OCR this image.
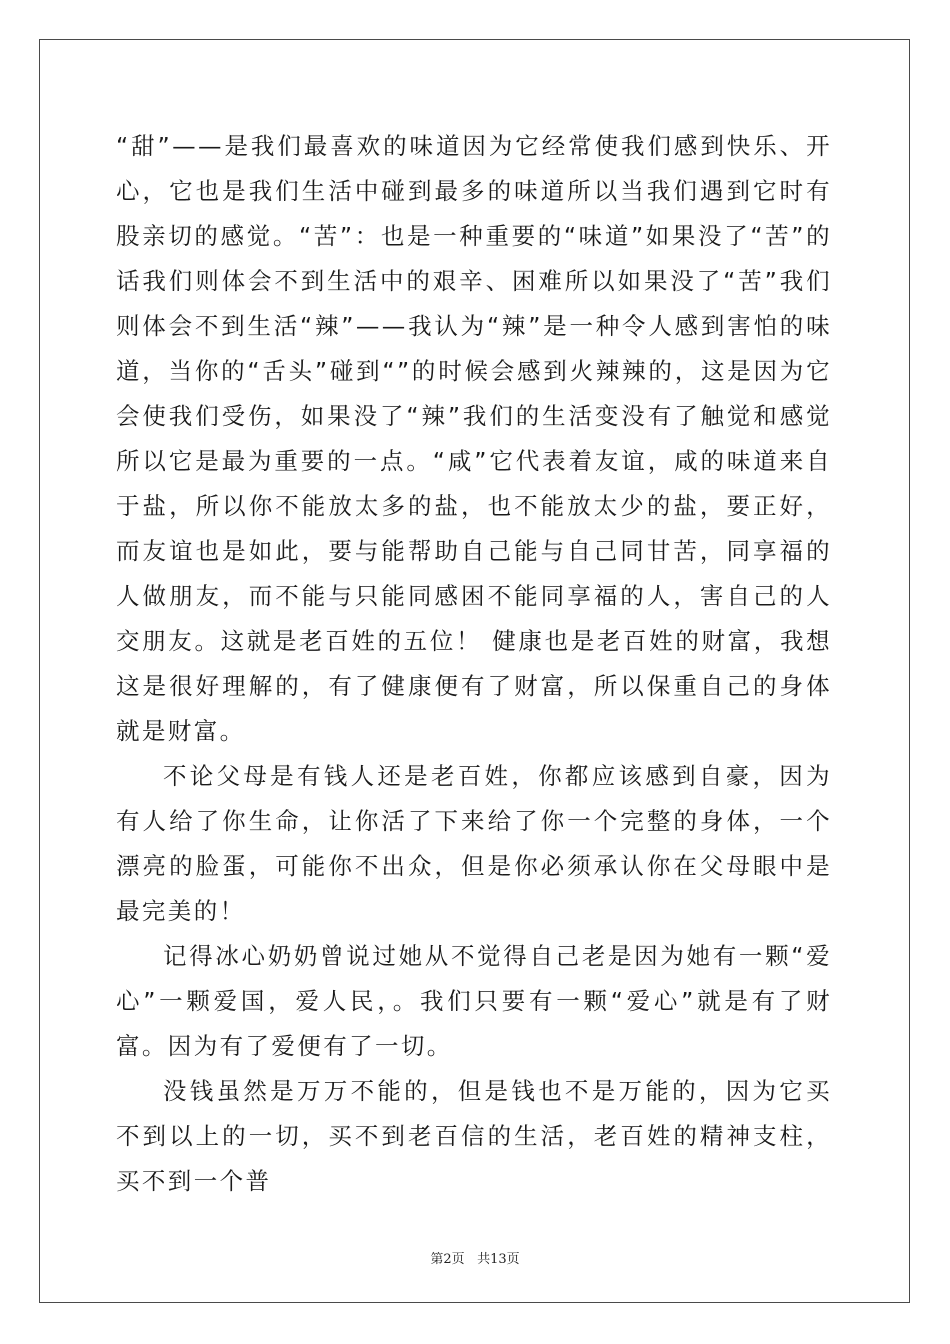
“甜”——是我们最喜欢的味道因为它经常使我们感到快乐、开心，它也是我们生活中碰到最多的味道所以当我们遇到它时有股亲切的感觉。“苦”：也是一种重要的“味道”如果没了“苦”的话我们则体会不到生活中的艰辛、困难所以如果没了“苦”我们则体会不到生活“辣”——我认为“辣”是一种令人感到害怕的味道，当你的“舌头”碰到“”的时候会感到火辣辣的，这是因为它会使我们受伤，如果没了“辣”我们的生活变没有了触觉和感觉所以它是最为重要的一点。“咸”它代表着友谊，咸的味道来自于盐，所以你不能放太多的盐，也不能放太少的盐，要正好，而友谊也是如此，要与能帮助自己能与自己同甘苦，同享福的人做朋友，而不能与只能同感困不能同享福的人，害自己的人交朋友。这就是老百姓的五位！ 健康也是老百姓的财富，我想这是很好理解的，有了健康便有了财富，所以保重自己的身体就是财富。

不论父母是有钱人还是老百姓，你都应该感到自豪，因为有人给了你生命，让你活了下来给了你一个完整的身体，一个漂亮的脸蛋，可能你不出众，但是你必须承认你在父母眼中是最完美的！

记得冰心奶奶曾说过她从不觉得自己老是因为她有一颗“爱心”一颗爱国，爱人民，。我们只要有一颗“爱心”就是有了财富。因为有了爱便有了一切。

没钱虽然是万万不能的，但是钱也不是万能的，因为它买不到以上的一切，买不到老百信的生活，老百姓的精神支柱，买不到一个普

第2页 共13页
